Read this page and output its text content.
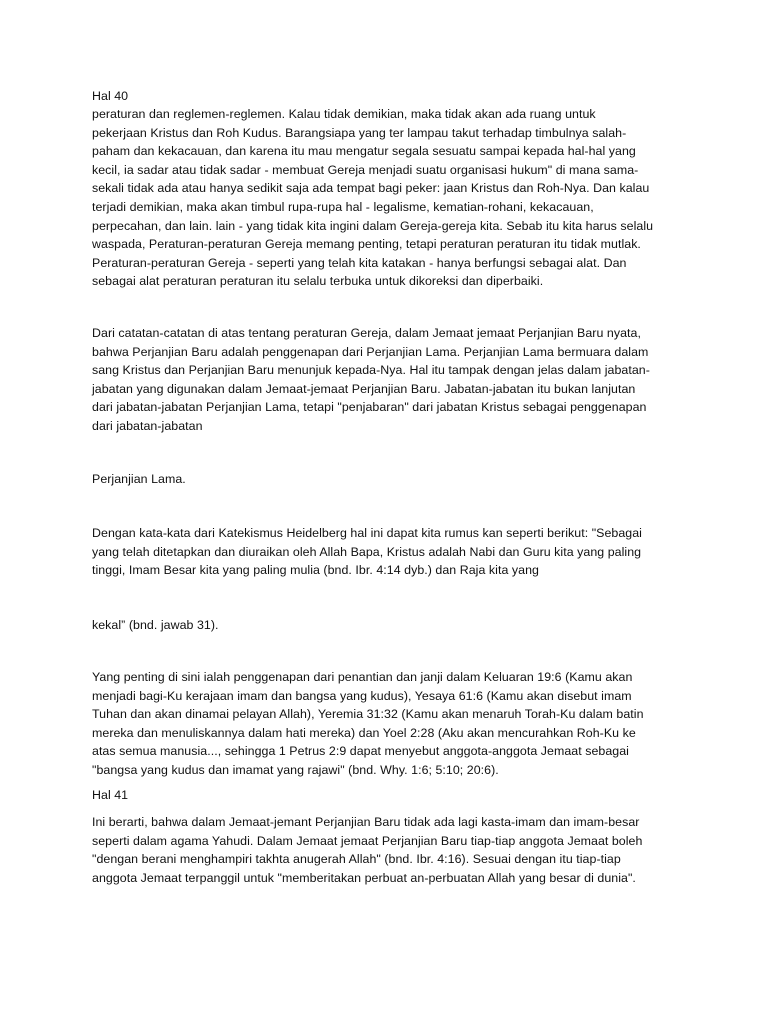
Hal 40

peraturan dan reglemen-reglemen. Kalau tidak demikian, maka tidak akan ada ruang untuk
pekerjaan Kristus dan Roh Kudus. Barangsiapa yang ter lampau takut terhadap timbulnya salah-
paham dan kekacauan, dan karena itu mau mengatur segala sesuatu sampai kepada hal-hal yang
kecil, ia sadar atau tidak sadar - membuat Gereja menjadi suatu organisasi hukum" di mana sama-
sekali tidak ada atau hanya sedikit saja ada tempat bagi peker: jaan Kristus dan Roh-Nya. Dan kalau
terjadi demikian, maka akan timbul rupa-rupa hal - legalisme, kematian-rohani, kekacauan,
perpecahan, dan lain. lain - yang tidak kita ingini dalam Gereja-gereja kita. Sebab itu kita harus selalu
waspada, Peraturan-peraturan Gereja memang penting, tetapi peraturan peraturan itu tidak mutlak.
Peraturan-peraturan Gereja - seperti yang telah kita katakan - hanya berfungsi sebagai alat. Dan
sebagai alat peraturan peraturan itu selalu terbuka untuk dikoreksi dan diperbaiki.

Dari catatan-catatan di atas tentang peraturan Gereja, dalam Jemaat jemaat Perjanjian Baru nyata,
bahwa Perjanjian Baru adalah penggenapan dari Perjanjian Lama. Perjanjian Lama bermuara dalam
sang Kristus dan Perjanjian Baru menunjuk kepada-Nya. Hal itu tampak dengan jelas dalam jabatan-
jabatan yang digunakan dalam Jemaat-jemaat Perjanjian Baru. Jabatan-jabatan itu bukan lanjutan
dari jabatan-jabatan Perjanjian Lama, tetapi "penjabaran" dari jabatan Kristus sebagai penggenapan
dari jabatan-jabatan

Perjanjian Lama.

Dengan kata-kata dari Katekismus Heidelberg hal ini dapat kita rumus kan seperti berikut: "Sebagai
yang telah ditetapkan dan diuraikan oleh Allah Bapa, Kristus adalah Nabi dan Guru kita yang paling
tinggi, Imam Besar kita yang paling mulia (bnd. Ibr. 4:14 dyb.) dan Raja kita yang

kekal” (bnd. jawab 31).

Yang penting di sini ialah penggenapan dari penantian dan janji dalam Keluaran 19:6 (Kamu akan
menjadi bagi-Ku kerajaan imam dan bangsa yang kudus), Yesaya 61:6 (Kamu akan disebut imam
Tuhan dan akan dinamai pelayan Allah), Yeremia 31:32 (Kamu akan menaruh Torah-Ku dalam batin
mereka dan menuliskannya dalam hati mereka) dan Yoel 2:28 (Aku akan mencurahkan Roh-Ku ke
atas semua manusia..., sehingga 1 Petrus 2:9 dapat menyebut anggota-anggota Jemaat sebagai
"bangsa yang kudus dan imamat yang rajawi" (bnd. Why. 1:6; 5:10; 20:6).

Hal 41

Ini berarti, bahwa dalam Jemaat-jemant Perjanjian Baru tidak ada lagi kasta-imam dan imam-besar
seperti dalam agama Yahudi. Dalam Jemaat jemaat Perjanjian Baru tiap-tiap anggota Jemaat boleh
"dengan berani menghampiri takhta anugerah Allah" (bnd. Ibr. 4:16). Sesuai dengan itu tiap-tiap
anggota Jemaat terpanggil untuk "memberitakan perbuat an-perbuatan Allah yang besar di dunia".
